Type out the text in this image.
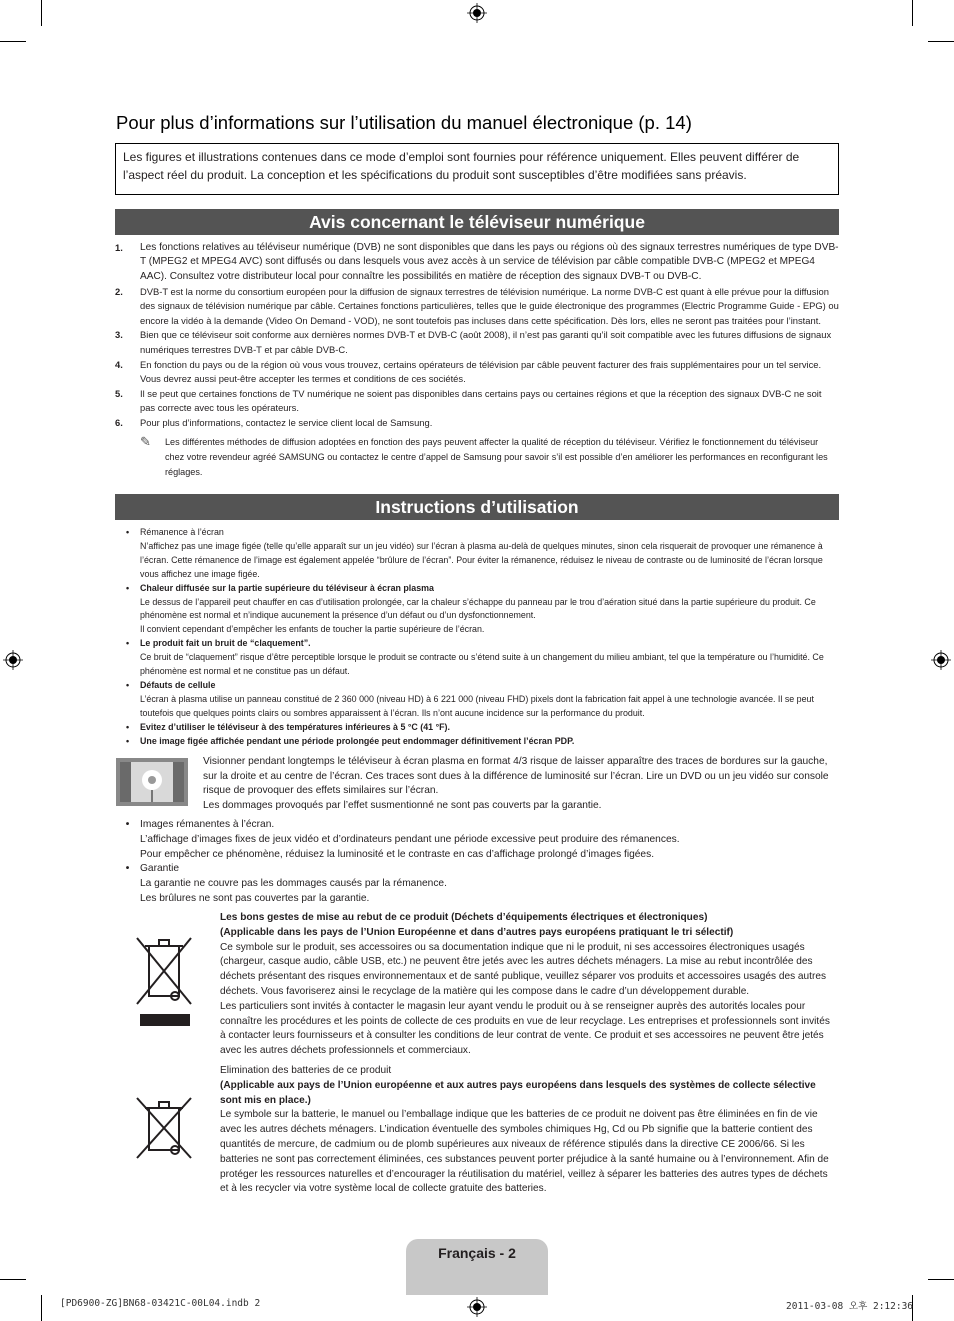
Pour plus d’informations sur l’utilisation du manuel électronique (p. 14)
Les figures et illustrations contenues dans ce mode d’emploi sont fournies pour référence uniquement. Elles peuvent différer de l’aspect réel du produit. La conception et les spécifications du produit sont susceptibles d’être modifiées sans préavis.
Avis concernant le téléviseur numérique
1.	Les fonctions relatives au téléviseur numérique (DVB) ne sont disponibles que dans les pays ou régions où des signaux terrestres numériques de type DVB-T (MPEG2 et MPEG4 AVC) sont diffusés ou dans lesquels vous avez accès à un service de télévision par câble compatible DVB-C (MPEG2 et MPEG4 AAC). Consultez votre distributeur local pour connaître les possibilités en matière de réception des signaux DVB-T ou DVB-C.
2.	DVB-T est la norme du consortium européen pour la diffusion de signaux terrestres de télévision numérique. La norme DVB-C est quant à elle prévue pour la diffusion des signaux de télévision numérique par câble. Certaines fonctions particulières, telles que le guide électronique des programmes (Electric Programme Guide - EPG) ou encore la vidéo à la demande (Video On Demand - VOD), ne sont toutefois pas incluses dans cette spécification. Dès lors, elles ne seront pas traitées pour l’instant.
3.	Bien que ce téléviseur soit conforme aux dernières normes DVB-T et DVB-C (août 2008), il n’est pas garanti qu’il soit compatible avec les futures diffusions de signaux numériques terrestres DVB-T et par câble DVB-C.
4.	En fonction du pays ou de la région où vous vous trouvez, certains opérateurs de télévision par câble peuvent facturer des frais supplémentaires pour un tel service. Vous devrez aussi peut-être accepter les termes et conditions de ces sociétés.
5.	Il se peut que certaines fonctions de TV numérique ne soient pas disponibles dans certains pays ou certaines régions et que la réception des signaux DVB-C ne soit pas correcte avec tous les opérateurs.
6.	Pour plus d’informations, contactez le service client local de Samsung.
✎	Les différentes méthodes de diffusion adoptées en fonction des pays peuvent affecter la qualité de réception du téléviseur. Vérifiez le fonctionnement du téléviseur chez votre revendeur agréé SAMSUNG ou contactez le centre d’appel de Samsung pour savoir s’il est possible d’en améliorer les performances en reconfigurant les réglages.
Instructions d’utilisation
•	Rémanence à l’écran
N’affichez pas une image figée (telle qu’elle apparaît sur un jeu vidéo) sur l’écran à plasma au-delà de quelques minutes, sinon cela risquerait de provoquer une rémanence à l’écran. Cette rémanence de l’image est également appelée “brûlure de l’écran”. Pour éviter la rémanence, réduisez le niveau de contraste ou de luminosité de l’écran lorsque vous affichez une image figée.
•	Chaleur diffusée sur la partie supérieure du téléviseur à écran plasma
Le dessus de l’appareil peut chauffer en cas d’utilisation prolongée, car la chaleur s’échappe du panneau par le trou d’aération situé dans la partie supérieure du produit. Ce phénomène est normal et n’indique aucunement la présence d’un défaut ou d’un dysfonctionnement.
Il convient cependant d’empêcher les enfants de toucher la partie supérieure de l’écran.
•	Le produit fait un bruit de “claquement”.
Ce bruit de “claquement” risque d’être perceptible lorsque le produit se contracte ou s’étend suite à un changement du milieu ambiant, tel que la température ou l’humidité. Ce phénomène est normal et ne constitue pas un défaut.
•	Défauts de cellule
L’écran à plasma utilise un panneau constitué de 2 360 000 (niveau HD) à 6 221 000 (niveau FHD) pixels dont la fabrication fait appel à une technologie avancée. Il se peut toutefois que quelques points clairs ou sombres apparaissent à l’écran. Ils n’ont aucune incidence sur la performance du produit.
•	Evitez d’utiliser le téléviseur à des températures inférieures à 5 °C (41 °F).
•	Une image figée affichée pendant une période prolongée peut endommager définitivement l’écran PDP.
Visionner pendant longtemps le téléviseur à écran plasma en format 4/3 risque de laisser apparaître des traces de bordures sur la gauche, sur la droite et au centre de l’écran. Ces traces sont dues à la différence de luminosité sur l’écran. Lire un DVD ou un jeu vidéo sur console risque de provoquer des effets similaires sur l’écran.
Les dommages provoqués par l’effet susmentionné ne sont pas couverts par la garantie.
•	Images rémanentes à l’écran.
L’affichage d’images fixes de jeux vidéo et d’ordinateurs pendant une période excessive peut produire des rémanences.
Pour empêcher ce phénomène, réduisez la luminosité et le contraste en cas d’affichage prolongé d’images figées.
•	Garantie
La garantie ne couvre pas les dommages causés par la rémanence.
Les brûlures ne sont pas couvertes par la garantie.
Les bons gestes de mise au rebut de ce produit (Déchets d’équipements électriques et électroniques)
(Applicable dans les pays de l’Union Européenne et dans d’autres pays européens pratiquant le tri sélectif)
Ce symbole sur le produit, ses accessoires ou sa documentation indique que ni le produit, ni ses accessoires électroniques usagés (chargeur, casque audio, câble USB, etc.) ne peuvent être jetés avec les autres déchets ménagers. La mise au rebut incontrôlée des déchets présentant des risques environnementaux et de santé publique, veuillez séparer vos produits et accessoires usagés des autres déchets. Vous favoriserez ainsi le recyclage de la matière qui les compose dans le cadre d’un développement durable.
Les particuliers sont invités à contacter le magasin leur ayant vendu le produit ou à se renseigner auprès des autorités locales pour connaître les procédures et les points de collecte de ces produits en vue de leur recyclage. Les entreprises et professionnels sont invités à contacter leurs fournisseurs et à consulter les conditions de leur contrat de vente. Ce produit et ses accessoires ne peuvent être jetés avec les autres déchets professionnels et commerciaux.
Elimination des batteries de ce produit
(Applicable aux pays de l’Union européenne et aux autres pays européens dans lesquels des systèmes de collecte sélective sont mis en place.)
Le symbole sur la batterie, le manuel ou l’emballage indique que les batteries de ce produit ne doivent pas être éliminées en fin de vie avec les autres déchets ménagers. L’indication éventuelle des symboles chimiques Hg, Cd ou Pb signifie que la batterie contient des quantités de mercure, de cadmium ou de plomb supérieures aux niveaux de référence stipulés dans la directive CE 2006/66. Si les batteries ne sont pas correctement éliminées, ces substances peuvent porter préjudice à la santé humaine ou à l’environnement. Afin de protéger les ressources naturelles et d’encourager la réutilisation du matériel, veillez à séparer les batteries des autres types de déchets et à les recycler via votre système local de collecte gratuite des batteries.
Français - 2
[PD6900-ZG]BN68-03421C-00L04.indb 2	2011-03-08 오후 2:12:36
